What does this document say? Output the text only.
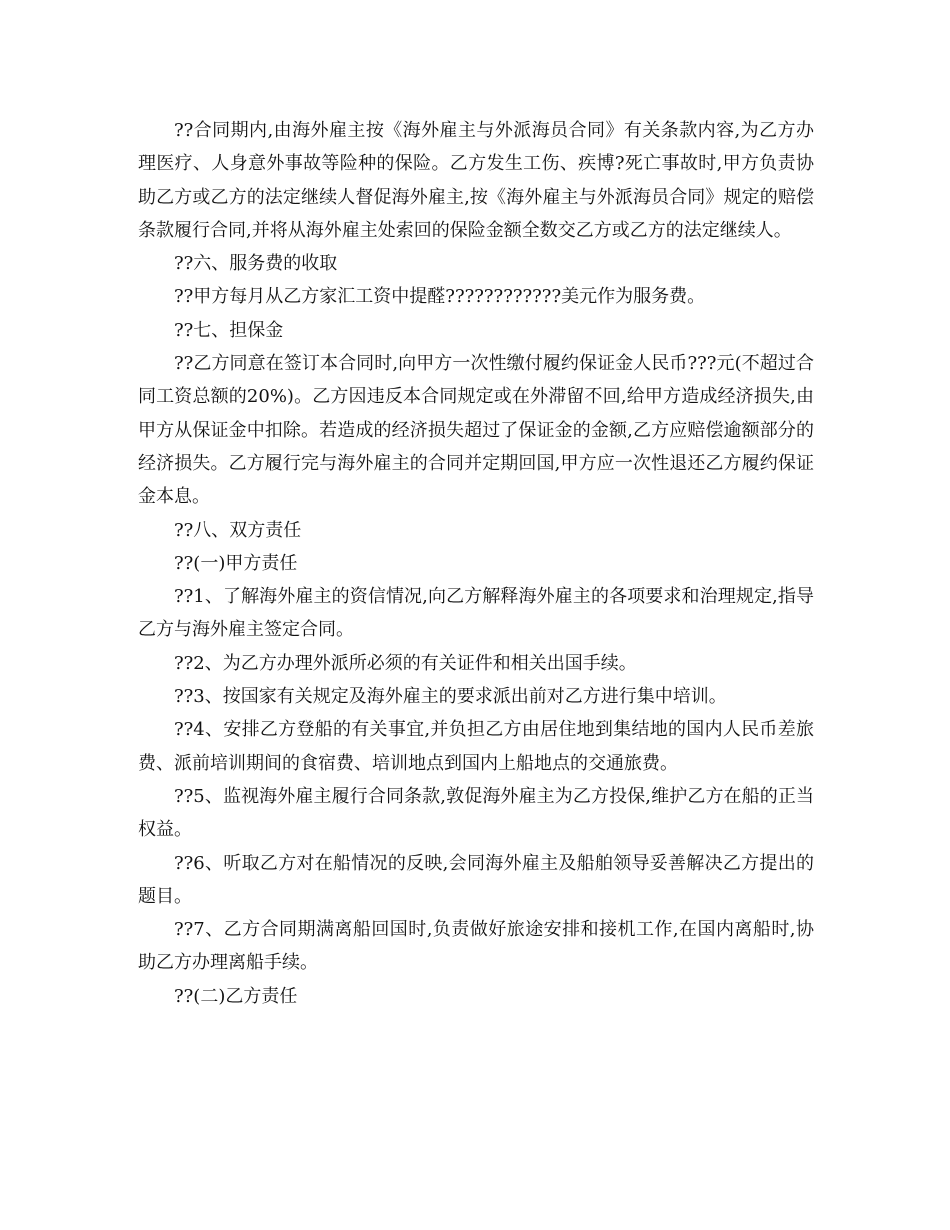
??合同期内,由海外雇主按《海外雇主与外派海员合同》有关条款内容,为乙方办理医疗、人身意外事故等险种的保险。乙方发生工伤、疾博?死亡事故时,甲方负责协助乙方或乙方的法定继续人督促海外雇主,按《海外雇主与外派海员合同》规定的赔偿条款履行合同,并将从海外雇主处索回的保险金额全数交乙方或乙方的法定继续人。

??六、服务费的收取

??甲方每月从乙方家汇工资中提醛????????????美元作为服务费。

??七、担保金

??乙方同意在签订本合同时,向甲方一次性缴付履约保证金人民币???元(不超过合同工资总额的20%)。乙方因违反本合同规定或在外滞留不回,给甲方造成经济损失,由甲方从保证金中扣除。若造成的经济损失超过了保证金的金额,乙方应赔偿逾额部分的经济损失。乙方履行完与海外雇主的合同并定期回国,甲方应一次性退还乙方履约保证金本息。

??八、双方责任

??(一)甲方责任

??1、了解海外雇主的资信情况,向乙方解释海外雇主的各项要求和治理规定,指导乙方与海外雇主签定合同。

??2、为乙方办理外派所必须的有关证件和相关出国手续。

??3、按国家有关规定及海外雇主的要求派出前对乙方进行集中培训。

??4、安排乙方登船的有关事宜,并负担乙方由居住地到集结地的国内人民币差旅费、派前培训期间的食宿费、培训地点到国内上船地点的交通旅费。

??5、监视海外雇主履行合同条款,敦促海外雇主为乙方投保,维护乙方在船的正当权益。

??6、听取乙方对在船情况的反映,会同海外雇主及船舶领导妥善解决乙方提出的题目。

??7、乙方合同期满离船回国时,负责做好旅途安排和接机工作,在国内离船时,协助乙方办理离船手续。

??(二)乙方责任
